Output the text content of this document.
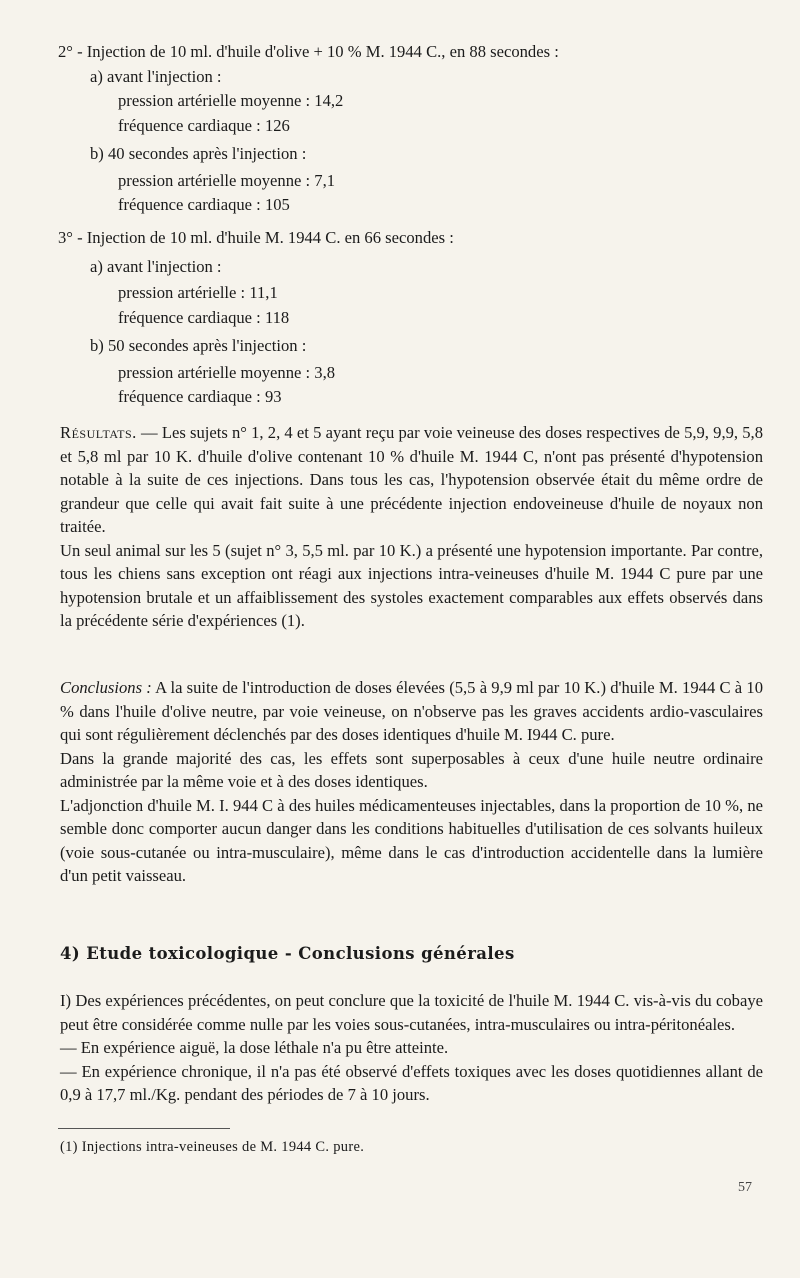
2° - Injection de 10 ml. d'huile d'olive + 10 % M. 1944 C., en 88 secondes :
a) avant l'injection :
pression artérielle moyenne : 14,2
fréquence cardiaque : 126
b) 40 secondes après l'injection :
pression artérielle moyenne : 7,1
fréquence cardiaque : 105
3° - Injection de 10 ml. d'huile M. 1944 C. en 66 secondes :
a) avant l'injection :
pression artérielle : 11,1
fréquence cardiaque : 118
b) 50 secondes après l'injection :
pression artérielle moyenne : 3,8
fréquence cardiaque : 93

Résultats. — Les sujets n° 1, 2, 4 et 5 ayant reçu par voie veineuse des doses respectives de 5,9, 9,9, 5,8 et 5,8 ml par 10 K. d'huile d'olive contenant 10 % d'huile M. 1944 C, n'ont pas présenté d'hypotension notable à la suite de ces injections. Dans tous les cas, l'hypotension observée était du même ordre de grandeur que celle qui avait fait suite à une précédente injection endoveineuse d'huile de noyaux non traitée.

Un seul animal sur les 5 (sujet n° 3, 5,5 ml. par 10 K.) a présenté une hypotension importante. Par contre, tous les chiens sans exception ont réagi aux injections intra-veineuses d'huile M. 1944 C pure par une hypotension brutale et un affaiblissement des systoles exactement comparables aux effets observés dans la précédente série d'expériences (1).

Conclusions : A la suite de l'introduction de doses élevées (5,5 à 9,9 ml par 10 K.) d'huile M. 1944 C à 10 % dans l'huile d'olive neutre, par voie veineuse, on n'observe pas les graves accidents ardio-vasculaires qui sont régulièrement déclenchés par des doses identiques d'huile M. I944 C. pure.

Dans la grande majorité des cas, les effets sont superposables à ceux d'une huile neutre ordinaire administrée par la même voie et à des doses identiques.

L'adjonction d'huile M. I. 944 C à des huiles médicamenteuses injectables, dans la proportion de 10 %, ne semble donc comporter aucun danger dans les conditions habituelles d'utilisation de ces solvants huileux (voie sous-cutanée ou intra-musculaire), même dans le cas d'introduction accidentelle dans la lumière d'un petit vaisseau.

4) Etude toxicologique - Conclusions générales

I) Des expériences précédentes, on peut conclure que la toxicité de l'huile M. 1944 C. vis-à-vis du cobaye peut être considérée comme nulle par les voies sous-cutanées, intra-musculaires ou intra-péritonéales.

— En expérience aiguë, la dose léthale n'a pu être atteinte.

— En expérience chronique, il n'a pas été observé d'effets toxiques avec les doses quotidiennes allant de 0,9 à 17,7 ml./Kg. pendant des périodes de 7 à 10 jours.

(1) Injections intra-veineuses de M. 1944 C. pure.
57
